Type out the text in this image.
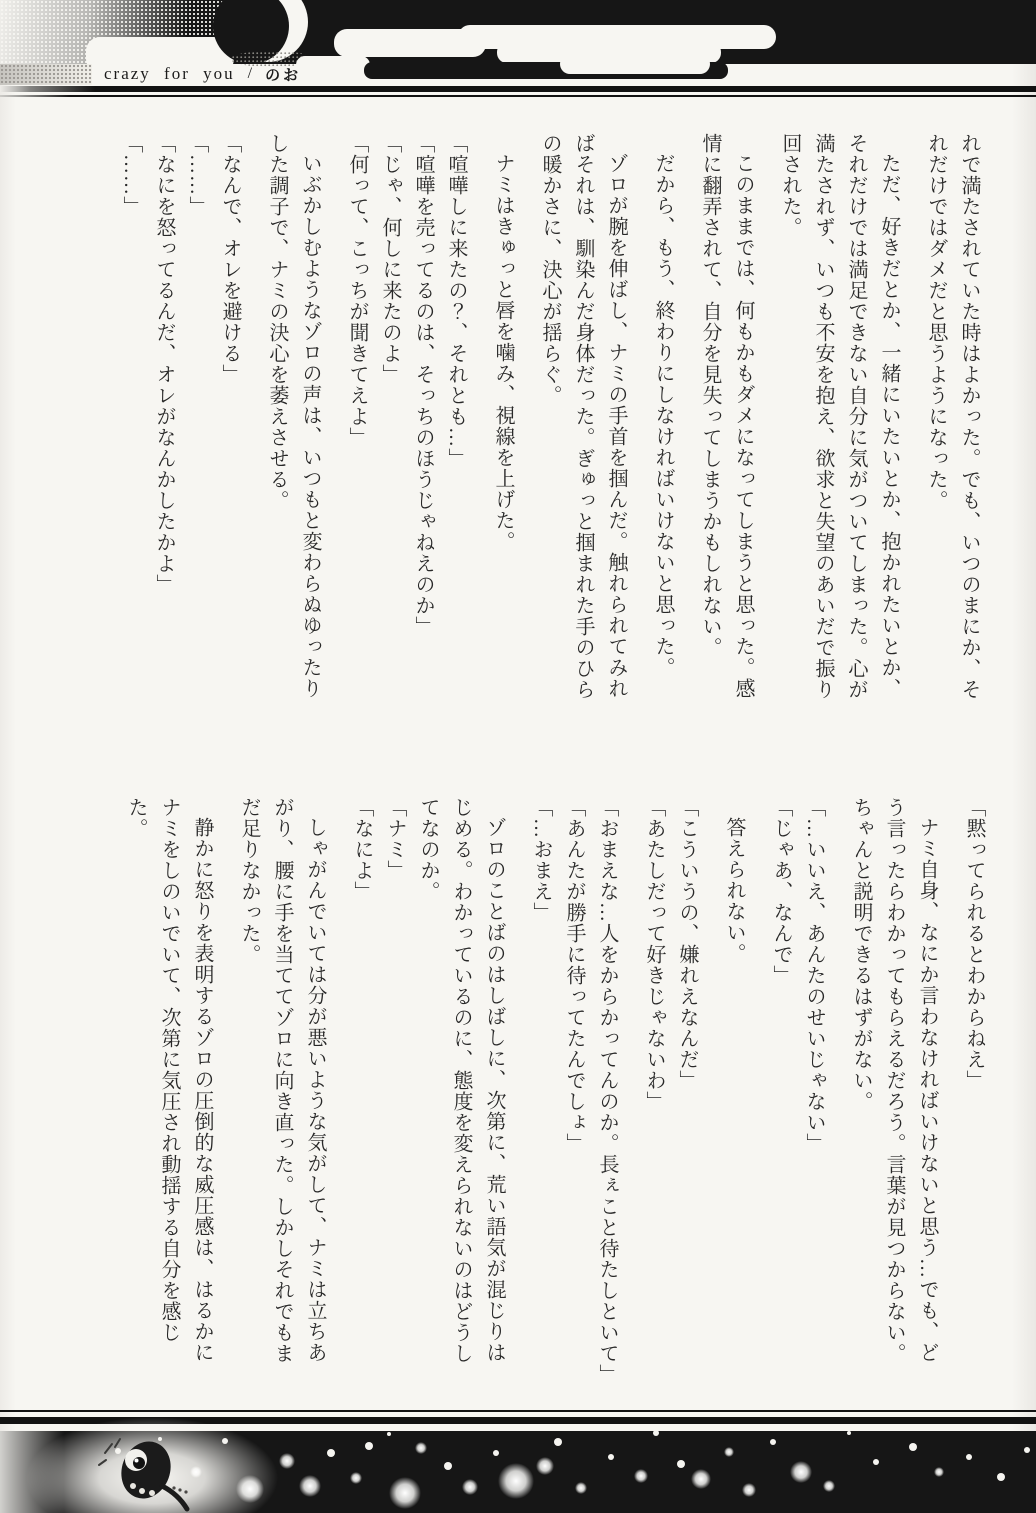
crazy for you / のお

れで満たされていた時はよかった。でも、いつのまにか、それだけではダメだと思うようになった。

ただ、好きだとか、一緒にいたいとか、抱かれたいとか、それだけでは満足できない自分に気がついてしまった。心が満たされず、いつも不安を抱え、欲求と失望のあいだで振り回された。

このままでは、何もかもダメになってしまうと思った。感情に翻弄されて、自分を見失ってしまうかもしれない。

だから、もう、終わりにしなければいけないと思った。

ゾロが腕を伸ばし、ナミの手首を掴んだ。触れられてみればそれは、馴染んだ身体だった。ぎゅっと掴まれた手のひらの暖かさに、決心が揺らぐ。

ナミはきゅっと唇を噛み、視線を上げた。

「喧嘩しに来たの？、それとも…」

「喧嘩を売ってるのは、そっちのほうじゃねえのか」

「じゃ、何しに来たのよ」

「何って、こっちが聞きてえよ」

いぶかしむようなゾロの声は、いつもと変わらぬゆったりした調子で、ナミの決心を萎えさせる。

「なんで、オレを避ける」

「……」

「なにを怒ってるんだ、オレがなんかしたかよ」

「……」

「黙ってられるとわからねえ」

ナミ自身、なにか言わなければいけないと思う…でも、どう言ったらわかってもらえるだろう。言葉が見つからない。ちゃんと説明できるはずがない。

「…いいえ、あんたのせいじゃない」

「じゃあ、なんで」

答えられない。

「こういうの、嫌れえなんだ」

「あたしだって好きじゃないわ」

「おまえな…人をからかってんのか。長ぇこと待たしといて」

「あんたが勝手に待ってたんでしょ」

「…おまえ」

ゾロのことばのはしばしに、次第に、荒い語気が混じりはじめる。わかっているのに、態度を変えられないのはどうしてなのか。

「ナミ」

「なによ」

しゃがんでいては分が悪いような気がして、ナミは立ちあがり、腰に手を当ててゾロに向き直った。しかしそれでもまだ足りなかった。

静かに怒りを表明するゾロの圧倒的な威圧感は、はるかにナミをしのいでいて、次第に気圧され動揺する自分を感じた。
